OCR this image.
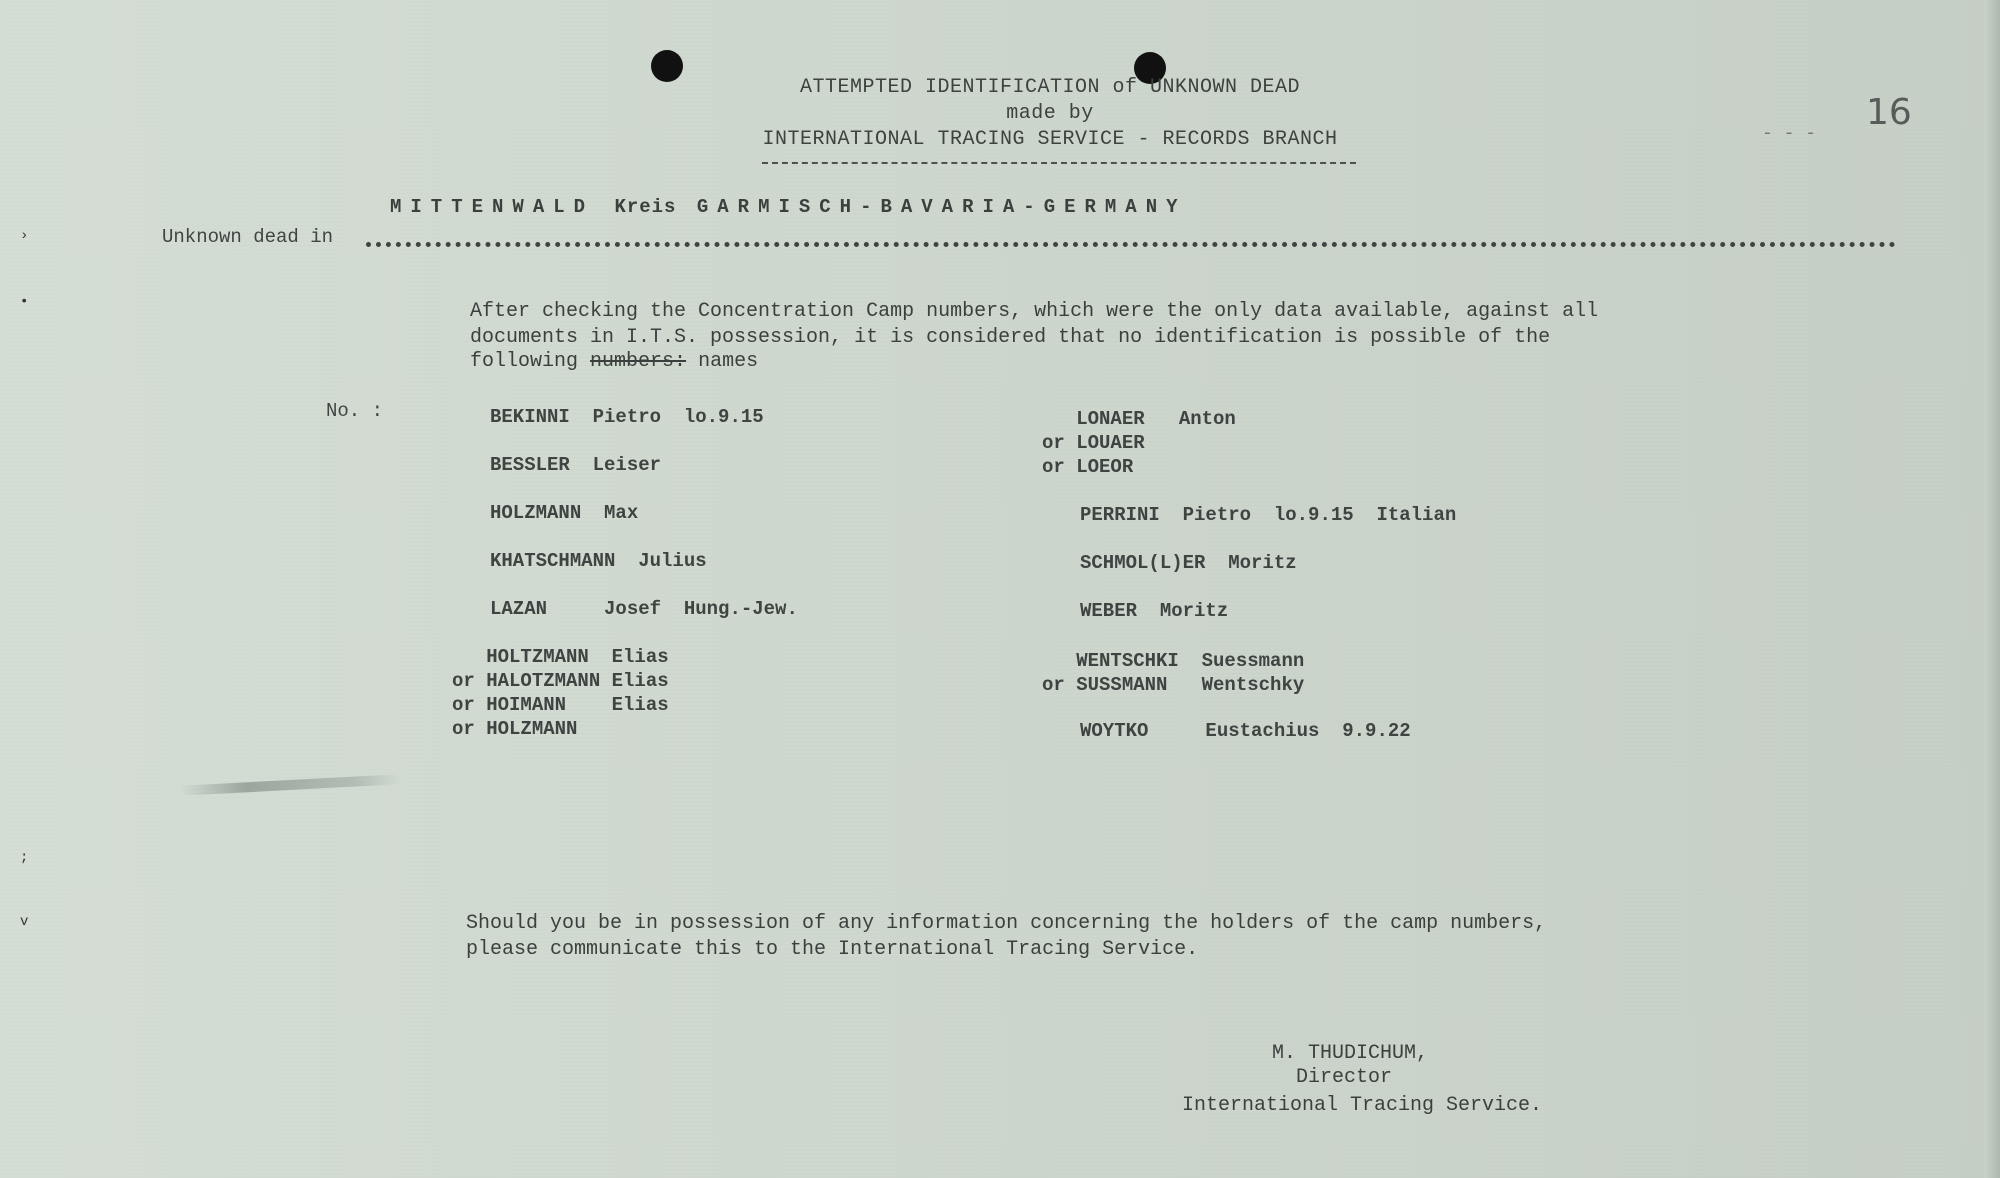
ATTEMPTED IDENTIFICATION of UNKNOWN DEAD
made by
INTERNATIONAL TRACING SERVICE - RECORDS BRANCH
16
- - -
MITTENWALD Kreis GARMISCH-BAVARIA-GERMANY
Unknown dead in
After checking the Concentration Camp numbers, which were the only data available, against all
documents in I.T.S. possession, it is considered that no identification is possible of the
following numbers: names
No. :	BEKINNI  Pietro  lo.9.15
BESSLER  Leiser
HOLZMANN  Max
KHATSCHMANN  Julius
LAZAN     Josef  Hung.-Jew.
HOLTZMANN  Elias
or HALOTZMANN Elias
or HOIMANN    Elias
or HOLZMANN
LONAER   Anton
or LOUAER
or LOEOR
PERRINI  Pietro  lo.9.15  Italian
SCHMOL(L)ER  Moritz
WEBER  Moritz
WENTSCHKI  Suessmann
or SUSSMANN   Wentschky
WOYTKO     Eustachius  9.9.22
Should you be in possession of any information concerning the holders of the camp numbers,
please communicate this to the International Tracing Service.
M. THUDICHUM,
Director
International Tracing Service.
›
•
;
v
